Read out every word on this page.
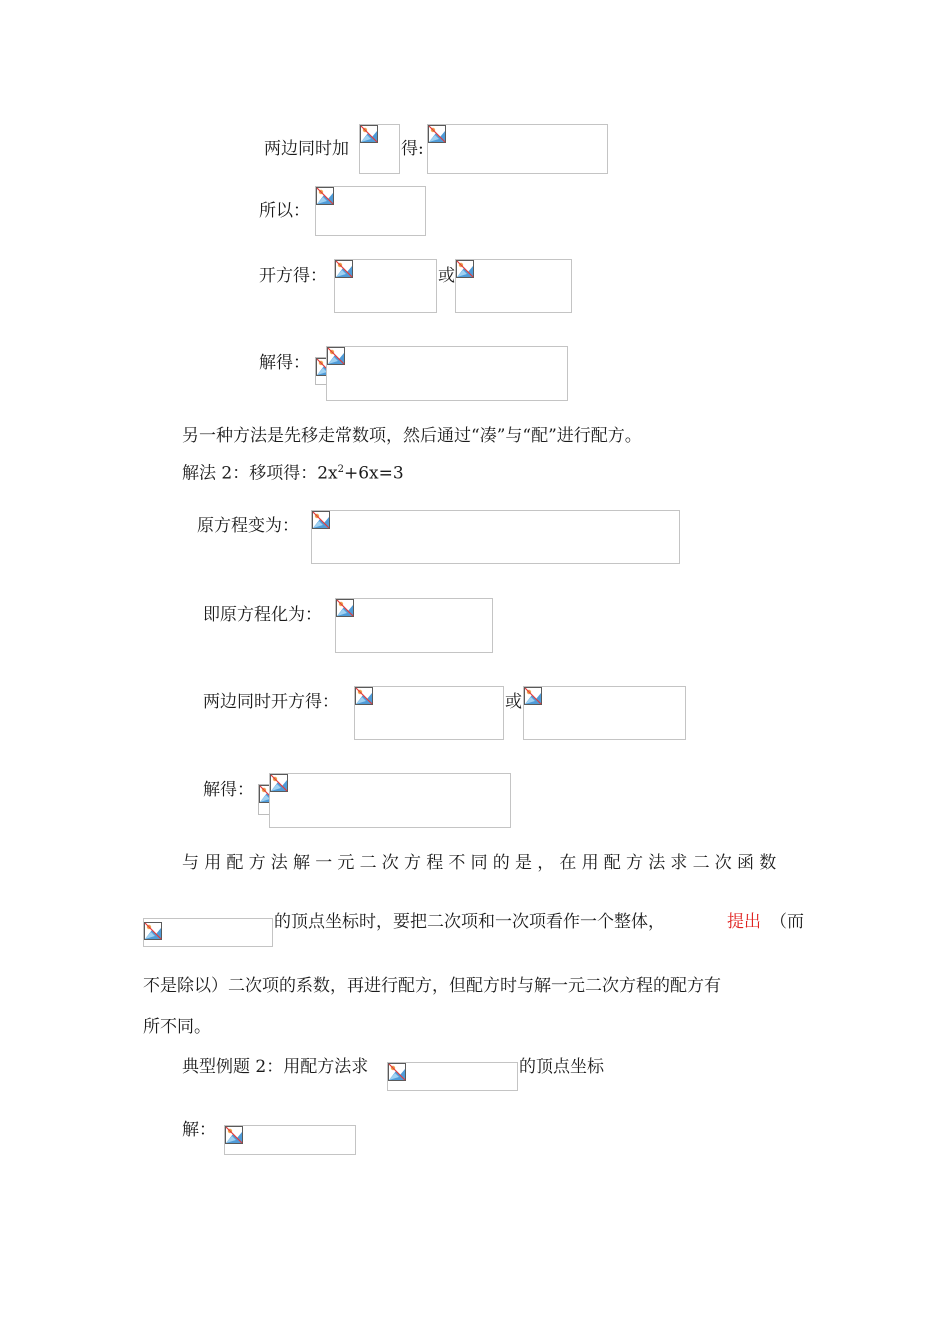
两边同时加	得:
所以：
开方得：	或
解得：
另一种方法是先移走常数项，然后通过“凑”与“配”进行配方。
解法 2：移项得：$2x^2+6x=3$
原方程变为：
即原方程化为：
两边同时开方得：	或
解得：
与用配方法解一元二次方程不同的是，在用配方法求二次函数
的顶点坐标时，要把二次项和一次项看作一个整体，	提出 （而
不是除以）二次项的系数，再进行配方，但配方时与解一元二次方程的配方有
所不同。
典型例题 2：用配方法求	的顶点坐标
解：
